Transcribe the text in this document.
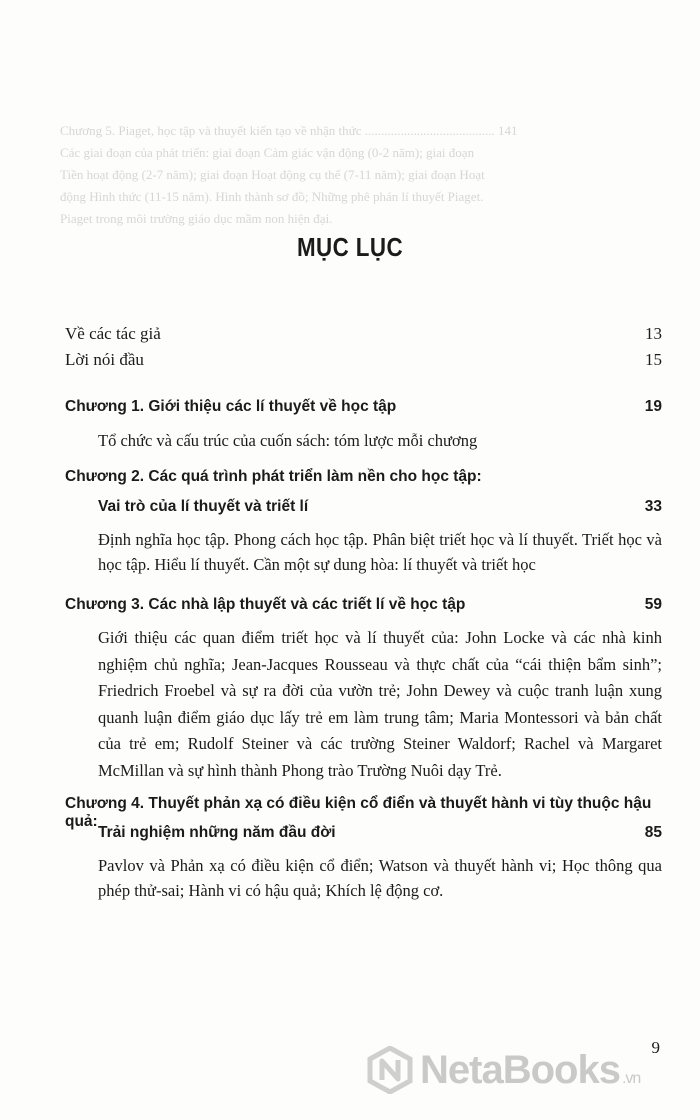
Chương 5. Piaget, học tập và thuyết kiến tạo về nhận thức ........................................ 141
Các giai đoạn của phát triển: giai đoạn Cảm giác vận động (0-2 năm); giai đoạn
Tiền hoạt động (2-7 năm); giai đoạn Hoạt động cụ thể (7-11 năm); giai đoạn Hoạt
động Hình thức (11-15 năm). Hình thành sơ đồ; Những phê phán lí thuyết Piaget.
Piaget trong môi trường giáo dục mầm non hiện đại.
MỤC LỤC
Về các tác giả	13
Lời nói đầu	15
Chương 1. Giới thiệu các lí thuyết về học tập	19
Tổ chức và cấu trúc của cuốn sách: tóm lược mỗi chương
Chương 2. Các quá trình phát triển làm nền cho học tập:
Vai trò của lí thuyết và triết lí	33
Định nghĩa học tập. Phong cách học tập. Phân biệt triết học và lí thuyết. Triết học và học tập. Hiểu lí thuyết. Cần một sự dung hòa: lí thuyết và triết học
Chương 3. Các nhà lập thuyết và các triết lí về học tập	59
Giới thiệu các quan điểm triết học và lí thuyết của: John Locke và các nhà kinh nghiệm chủ nghĩa; Jean-Jacques Rousseau và thực chất của “cái thiện bẩm sinh”; Friedrich Froebel và sự ra đời của vườn trẻ; John Dewey và cuộc tranh luận xung quanh luận điểm giáo dục lấy trẻ em làm trung tâm; Maria Montessori và bản chất của trẻ em; Rudolf Steiner và các trường Steiner Waldorf; Rachel và Margaret McMillan và sự hình thành Phong trào Trường Nuôi dạy Trẻ.
Chương 4. Thuyết phản xạ có điều kiện cổ điển và thuyết hành vi tùy thuộc hậu quả:
Trải nghiệm những năm đầu đời	85
Pavlov và Phản xạ có điều kiện cổ điển; Watson và thuyết hành vi; Học thông qua phép thử-sai; Hành vi có hậu quả; Khích lệ động cơ.
9
NetaBooks .vn
